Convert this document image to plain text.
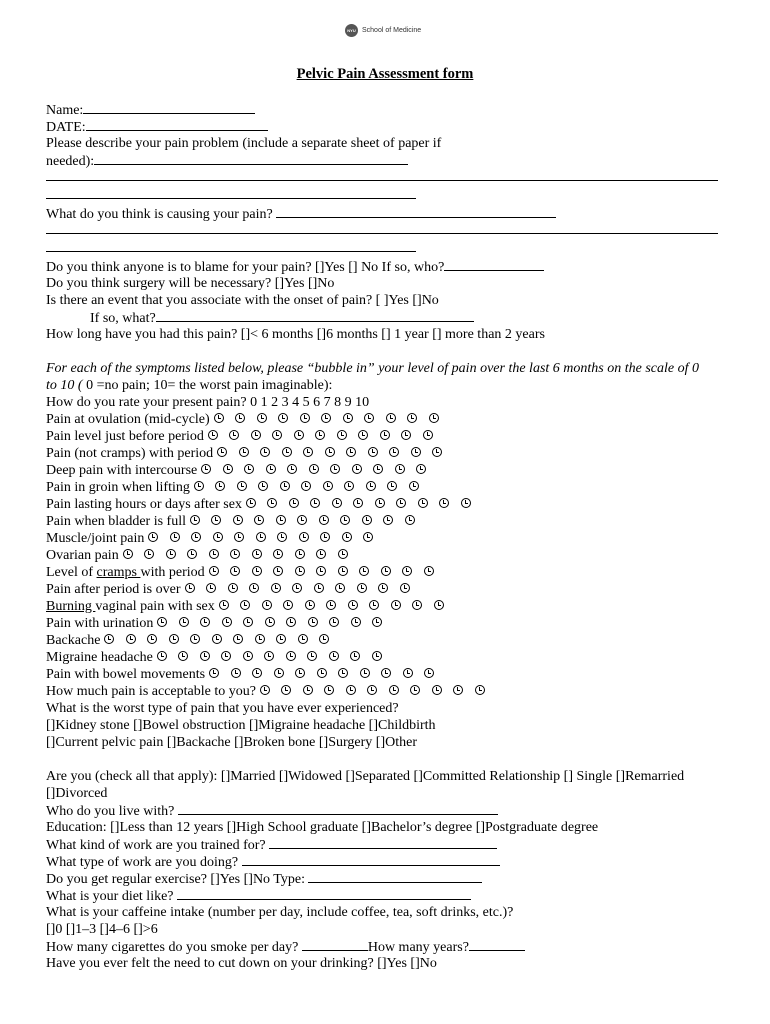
NYU School of Medicine
Pelvic Pain Assessment form
Name:
DATE:
Please describe your pain problem (include a separate sheet of paper if
needed):
What do you think is causing your pain?
Do you think anyone is to blame for your pain? []Yes [] No If so, who?
Do you think surgery will be necessary? []Yes []No
Is there an event that you associate with the onset of pain? [ ]Yes []No
If so, what?
How long have you had this pain? []< 6 months []6 months [] 1 year [] more than 2 years
For each of the symptoms listed below, please “bubble in” your level of pain over the last 6 months on the scale of 0
to 10 ( 0 =no pain; 10= the worst pain imaginable):
How do you rate your present pain? 0 1 2 3 4 5 6 7 8 9 10
Pain at ovulation (mid-cycle)
Pain level just before period
Pain (not cramps) with period
Deep pain with intercourse
Pain in groin when lifting
Pain lasting hours or days after sex
Pain when bladder is full
Muscle/joint pain
Ovarian pain
Level of cramps with period
Pain after period is over
Burning vaginal pain with sex
Pain with urination
Backache
Migraine headache
Pain with bowel movements
How much pain is acceptable to you?
What is the worst type of pain that you have ever experienced?
[]Kidney stone []Bowel obstruction []Migraine headache []Childbirth
[]Current pelvic pain []Backache []Broken bone []Surgery []Other
Are you (check all that apply): []Married []Widowed []Separated []Committed Relationship [] Single []Remarried
[]Divorced
Who do you live with?
Education: []Less than 12 years []High School graduate []Bachelor’s degree []Postgraduate degree
What kind of work are you trained for?
What type of work are you doing?
Do you get regular exercise? []Yes []No Type:
What is your diet like?
What is your caffeine intake (number per day, include coffee, tea, soft drinks, etc.)?
[]0 []1–3 []4–6 []>6
How many cigarettes do you smoke per day?	How many years?
Have you ever felt the need to cut down on your drinking? []Yes []No
